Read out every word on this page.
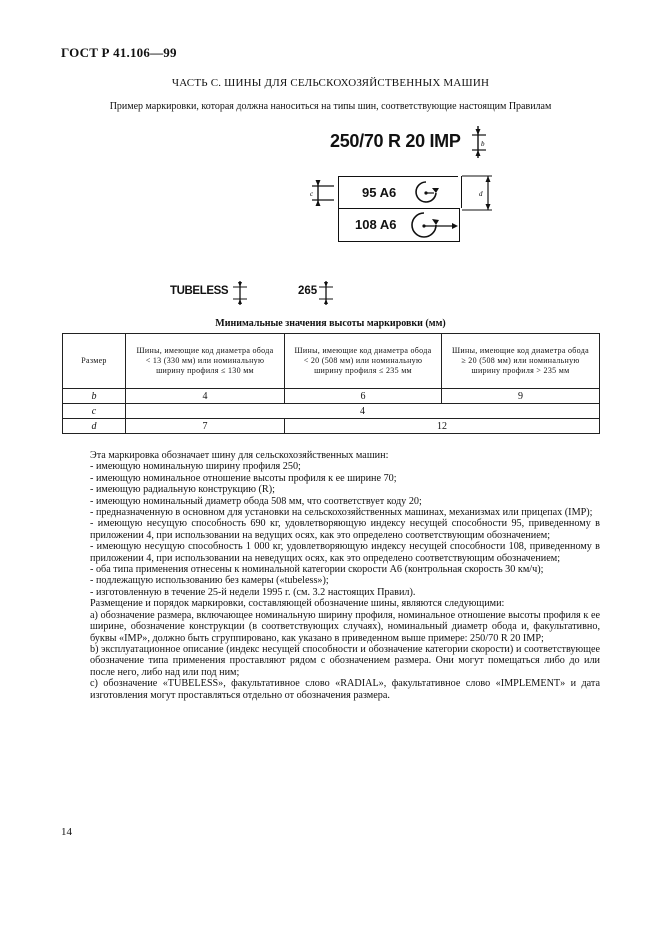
ГОСТ Р 41.106—99
ЧАСТЬ С. ШИНЫ ДЛЯ СЕЛЬСКОХОЗЯЙСТВЕННЫХ МАШИН
Пример маркировки, которая должна наноситься на типы шин, соответствующие настоящим Правилам
250/70 R 20 IMP	b
95 A6
108 A6
c	d
TUBELESS	265
Минимальные значения высоты маркировки (мм)
Размер	Шины, имеющие код диаметра обода < 13 (330 мм) или номинальную ширину профиля ≤ 130 мм	Шины, имеющие код диаметра обода < 20 (508 мм) или номинальную ширину профиля ≤ 235 мм	Шины, имеющие код диаметра обода ≥ 20 (508 мм) или номинальную ширину профиля > 235 мм
b	4	6	9
c	4		
d	7	12	

Эта маркировка обозначает шину для сельскохозяйственных машин:

- имеющую номинальную ширину профиля 250;

- имеющую номинальное отношение высоты профиля к ее ширине 70;

- имеющую радиальную конструкцию (R);

- имеющую номинальный диаметр обода 508 мм, что соответствует коду 20;

- предназначенную в основном для установки на сельскохозяйственных машинах, механизмах или прицепах (IMP);

- имеющую несущую способность 690 кг, удовлетворяющую индексу несущей способности 95, приведенному в приложении 4, при использовании на ведущих осях, как это определено соответствующим обозначением;

- имеющую несущую способность 1 000 кг, удовлетворяющую индексу несущей способности 108, приведенному в приложении 4, при использовании на неведущих осях, как это определено соответствующим обозначением;

- оба типа применения отнесены к номинальной категории скорости А6 (контрольная скорость 30 км/ч);

- подлежащую использованию без камеры («tubeless»);

- изготовленную в течение 25-й недели 1995 г. (см. 3.2 настоящих Правил).

Размещение и порядок маркировки, составляющей обозначение шины, являются следующими:

а) обозначение размера, включающее номинальную ширину профиля, номинальное отношение высоты профиля к ее ширине, обозначение конструкции (в соответствующих случаях), номинальный диаметр обода и, факультативно, буквы «IMP», должно быть сгруппировано, как указано в приведенном выше примере: 250/70 R 20 IMP;

b) эксплуатационное описание (индекс несущей способности и обозначение категории скорости) и соответствующее обозначение типа применения проставляют рядом с обозначением размера. Они могут помещаться либо до или после него, либо над или под ним;

с) обозначение «TUBELESS», факультативное слово «RADIAL», факультативное слово «IMPLEMENT» и дата изготовления могут проставляться отдельно от обозначения размера.

14
